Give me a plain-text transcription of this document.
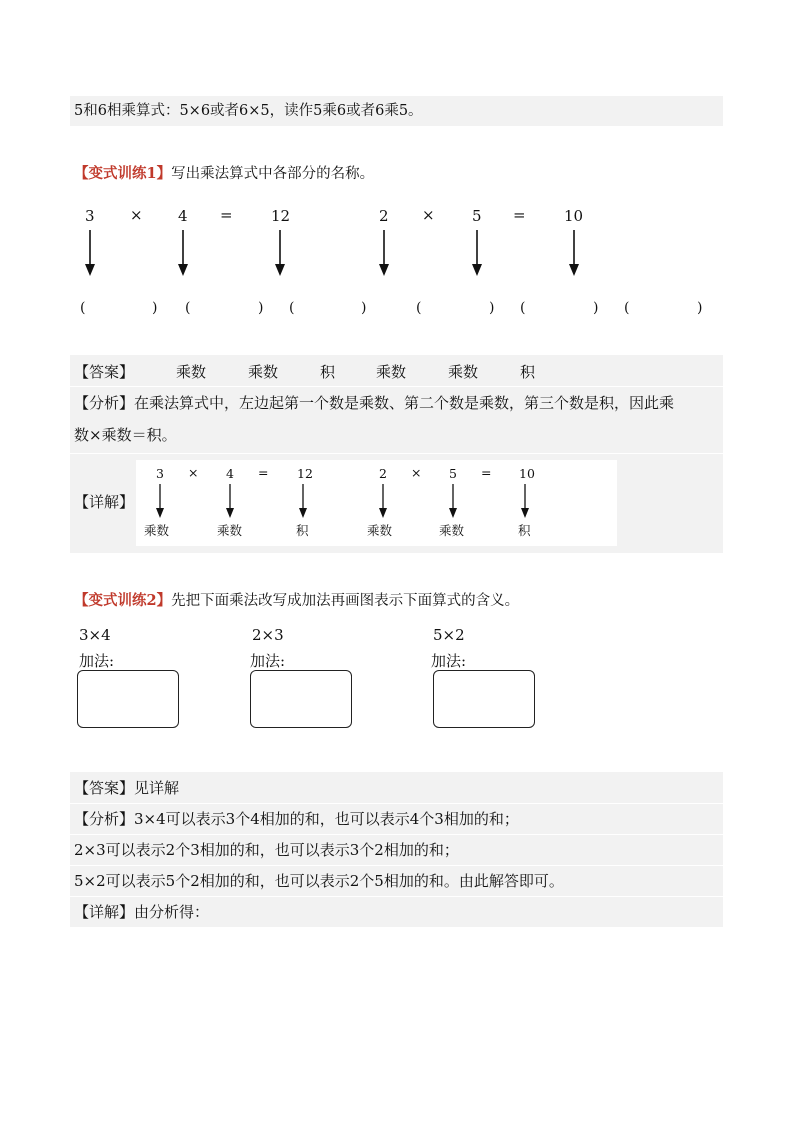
5和6相乘算式：5×6或者6×5，读作5乘6或者6乘5。
【变式训练1】写出乘法算式中各部分的名称。
3 × 4 =	12	2 × 5 =	10
(	) (	) (	)	(	) (	) (	)
【答案】	乘数	乘数	积	乘数	乘数	积
【分析】在乘法算式中，左边起第一个数是乘数、第二个数是乘数，第三个数是积，因此乘
数×乘数＝积。
【详解】
3 × 4 = 12	2 × 5 = 10
乘数	乘数	积	乘数	乘数	积
【变式训练2】先把下面乘法改写成加法再画图表示下面算式的含义。
3×4
加法:
2×3
加法:
5×2
加法:
【答案】见详解
【分析】3×4可以表示3个4相加的和，也可以表示4个3相加的和；
2×3可以表示2个3相加的和，也可以表示3个2相加的和；
5×2可以表示5个2相加的和，也可以表示2个5相加的和。由此解答即可。
【详解】由分析得：
